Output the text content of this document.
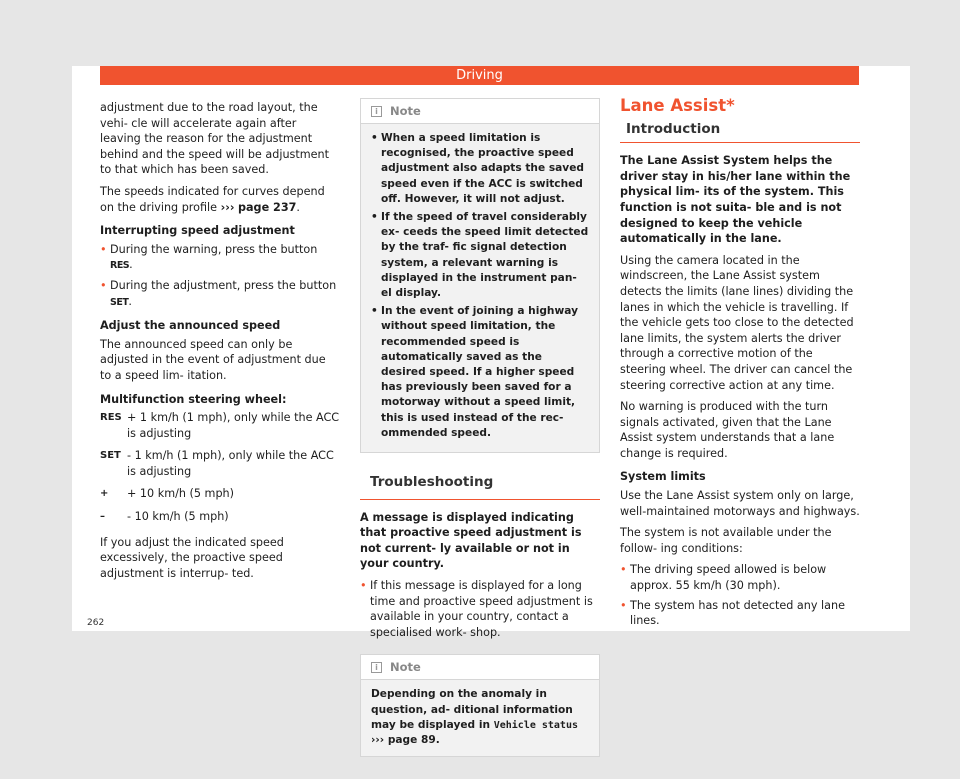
Driving

adjustment due to the road layout, the vehi- cle will accelerate again after leaving the reason for the adjustment behind and the speed will be adjustment to that which has been saved.

The speeds indicated for curves depend on the driving profile ››› page 237.

Interrupting speed adjustment
• During the warning, press the button RES.
• During the adjustment, press the button SET.
Adjust the announced speed

The announced speed can only be adjusted in the event of adjustment due to a speed lim- itation.

Multifunction steering wheel:
RES + 1 km/h (1 mph), only while the ACC is adjusting
SET - 1 km/h (1 mph), only while the ACC is adjusting
+	+ 10 km/h (5 mph)
–	- 10 km/h (5 mph)

If you adjust the indicated speed excessively, the proactive speed adjustment is interrup- ted.

i Note
• When a speed limitation is recognised, the proactive speed adjustment also adapts the saved speed even if the ACC is switched off. However, it will not adjust.
• If the speed of travel considerably ex- ceeds the speed limit detected by the traf- fic signal detection system, a relevant warning is displayed in the instrument pan- el display.
• In the event of joining a highway without speed limitation, the recommended speed is automatically saved as the desired speed. If a higher speed has previously been saved for a motorway without a speed limit, this is used instead of the rec- ommended speed.
Troubleshooting

A message is displayed indicating that proactive speed adjustment is not current- ly available or not in your country.

• If this message is displayed for a long time and proactive speed adjustment is available in your country, contact a specialised work- shop.
i Note
Depending on the anomaly in question, ad- ditional information may be displayed in Vehicle status ››› page 89.
Lane Assist*
Introduction

The Lane Assist System helps the driver stay in his/her lane within the physical lim- its of the system. This function is not suita- ble and is not designed to keep the vehicle automatically in the lane.

Using the camera located in the windscreen, the Lane Assist system detects the limits (lane lines) dividing the lanes in which the vehicle is travelling. If the vehicle gets too close to the detected lane limits, the system alerts the driver through a corrective motion of the steering wheel. The driver can cancel the steering corrective action at any time.

No warning is produced with the turn signals activated, given that the Lane Assist system understands that a lane change is required.

System limits

Use the Lane Assist system only on large, well-maintained motorways and highways.

The system is not available under the follow- ing conditions:

• The driving speed allowed is below approx. 55 km/h (30 mph).
• The system has not detected any lane lines.
262
